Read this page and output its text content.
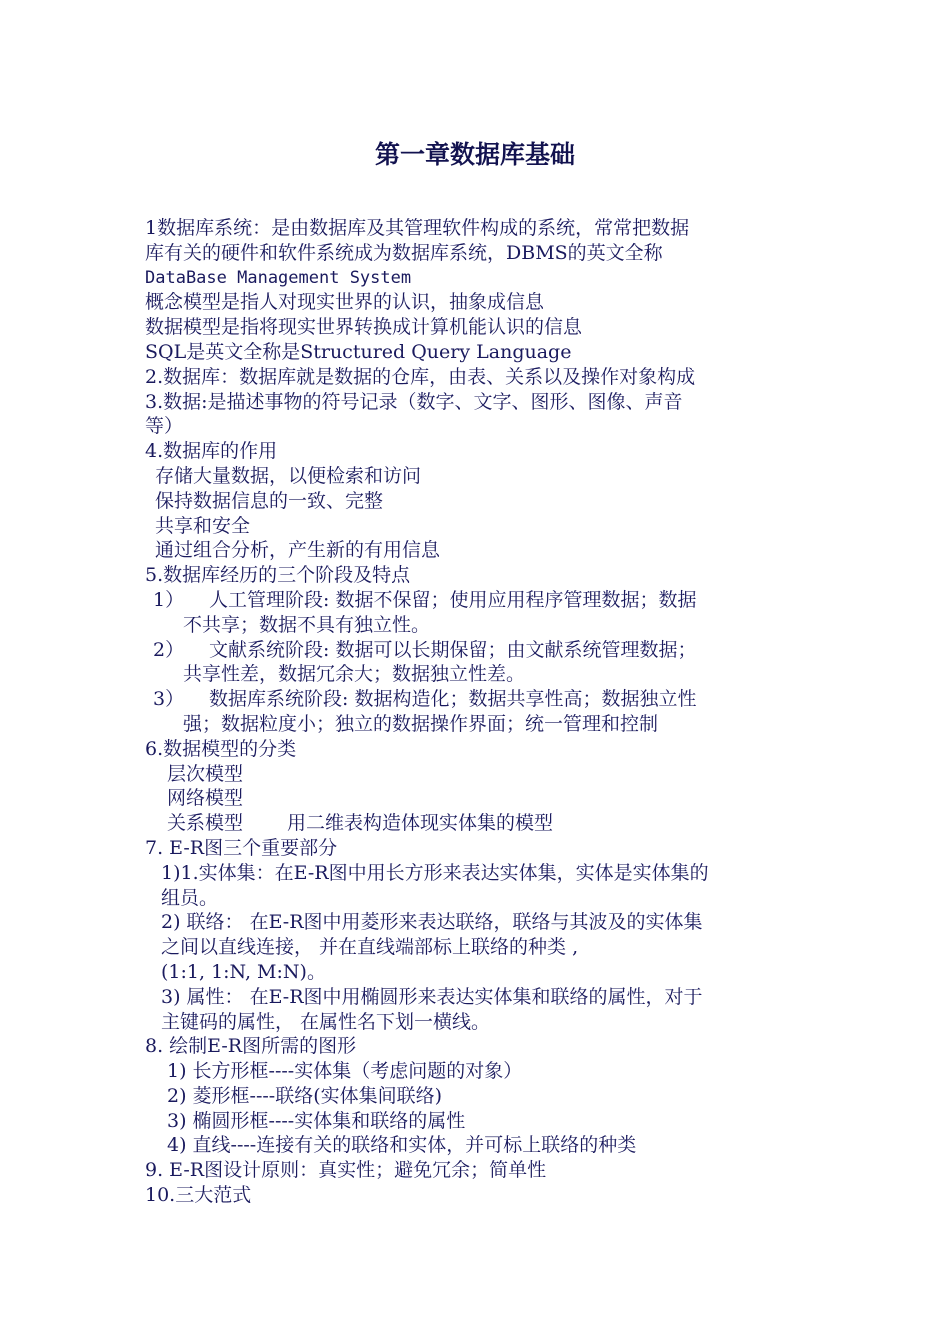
第一章数据库基础
1数据库系统：是由数据库及其管理软件构成的系统，常常把数据
库有关的硬件和软件系统成为数据库系统，DBMS的英文全称
DataBase Management System
概念模型是指人对现实世界的认识，抽象成信息
数据模型是指将现实世界转换成计算机能认识的信息
SQL是英文全称是Structured Query Language
2.数据库：数据库就是数据的仓库，由表、关系以及操作对象构成
3.数据:是描述事物的符号记录（数字、文字、图形、图像、声音
等）
4.数据库的作用
存储大量数据，以便检索和访问
保持数据信息的一致、完整
共享和安全
通过组合分析，产生新的有用信息
5.数据库经历的三个阶段及特点
1） 人工管理阶段: 数据不保留；使用应用程序管理数据；数据
不共享；数据不具有独立性。
2） 文献系统阶段: 数据可以长期保留；由文献系统管理数据；
共享性差，数据冗余大；数据独立性差。
3） 数据库系统阶段: 数据构造化；数据共享性高；数据独立性
强；数据粒度小；独立的数据操作界面；统一管理和控制
6.数据模型的分类
层次模型
网络模型
关系模型 用二维表构造体现实体集的模型
7. E-R图三个重要部分
1)1.实体集：在E-R图中用长方形来表达实体集，实体是实体集的
组员。
2) 联络： 在E-R图中用菱形来表达联络，联络与其波及的实体集
之间以直线连接， 并在直线端部标上联络的种类 ,
(1:1, 1:N, M:N)。
3) 属性： 在E-R图中用椭圆形来表达实体集和联络的属性，对于
主键码的属性， 在属性名下划一横线。
8. 绘制E-R图所需的图形
1) 长方形框----实体集（考虑问题的对象）
2) 菱形框----联络(实体集间联络)
3) 椭圆形框----实体集和联络的属性
4) 直线----连接有关的联络和实体，并可标上联络的种类
9. E-R图设计原则：真实性；避免冗余；简单性
10.三大范式
